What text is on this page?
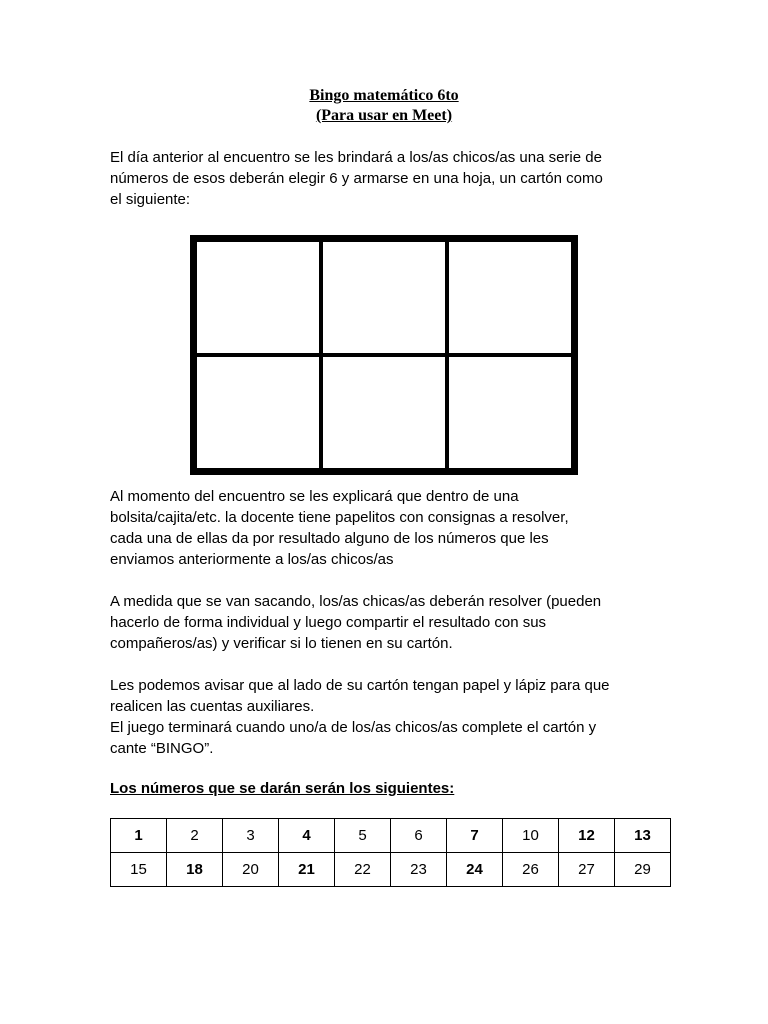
Bingo matemático 6to
(Para usar en Meet)
El día anterior al encuentro se les brindará a los/as chicos/as una serie de
números de esos deberán elegir 6 y armarse en una hoja, un cartón como
el siguiente:
Al momento del encuentro se les explicará que dentro de una
bolsita/cajita/etc. la docente tiene papelitos con consignas a resolver,
cada una de ellas da por resultado alguno de los números que les
enviamos anteriormente a los/as chicos/as
A medida que se van sacando, los/as chicas/as deberán resolver (pueden
hacerlo de forma individual y luego compartir el resultado con sus
compañeros/as) y verificar si lo tienen en su cartón.
Les podemos avisar que al lado de su cartón tengan papel y lápiz para que
realicen las cuentas auxiliares.
El juego terminará cuando uno/a de los/as chicos/as complete el cartón y
cante “BINGO”.
Los números que se darán serán los siguientes:
1	2	3	4	5	6	7	10	12	13
15	18	20	21	22	23	24	26	27	29
